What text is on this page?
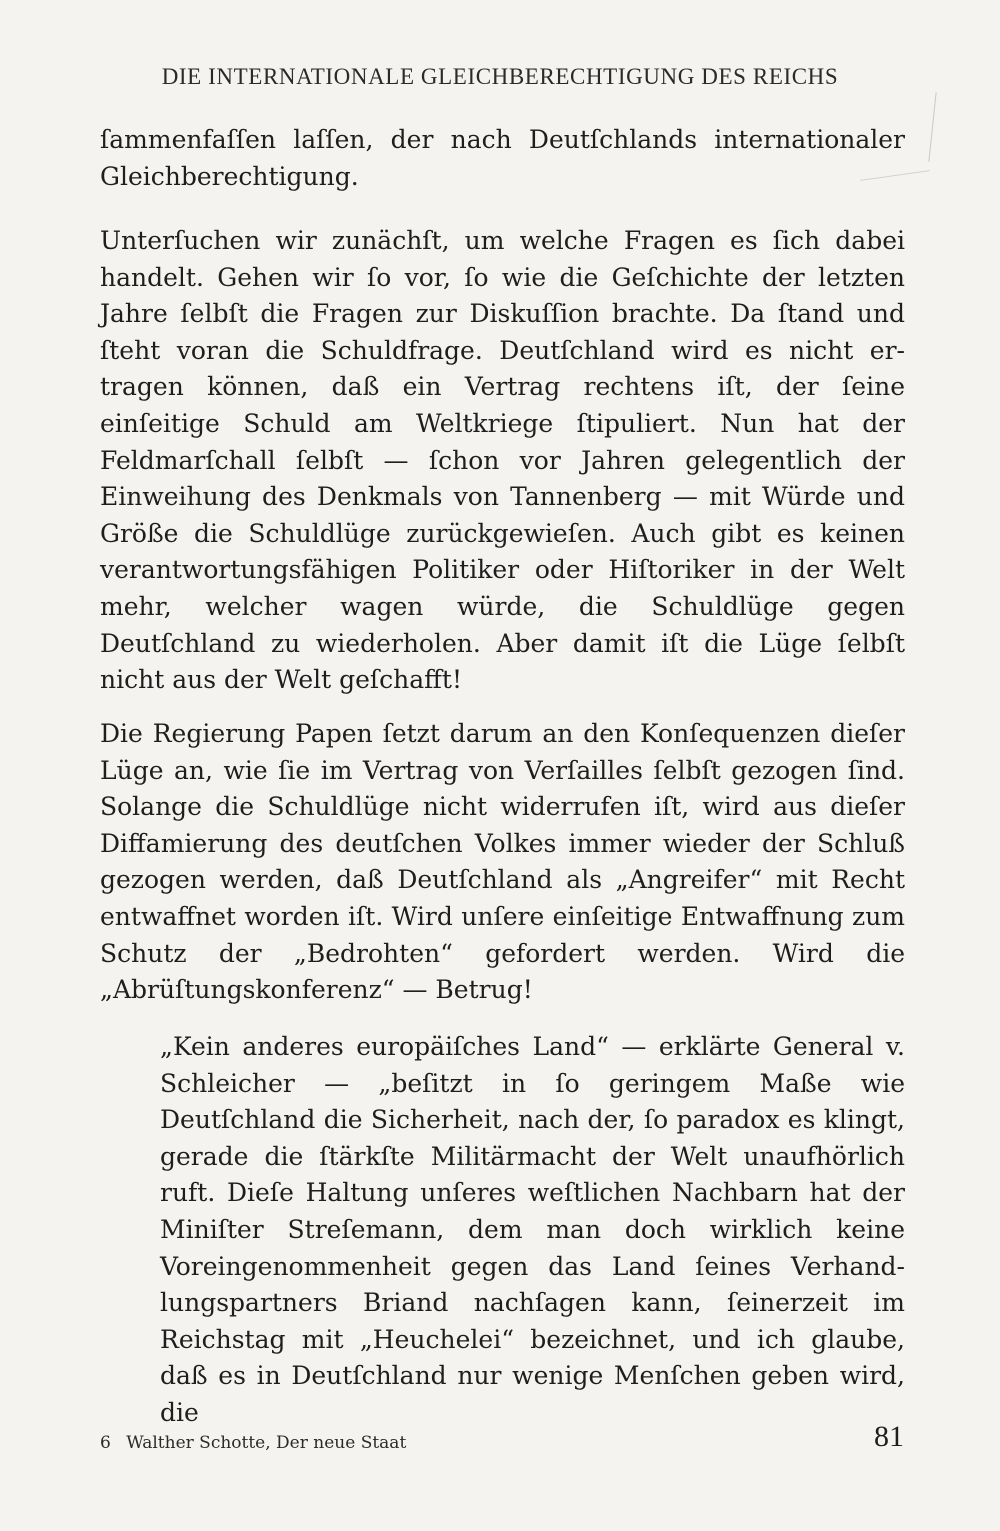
DIE INTERNATIONALE GLEICHBERECHTIGUNG DES REICHS

ſammenfaſſen laſſen, der nach Deutſchlands internationaler Gleichberechtigung.

Unterſuchen wir zunächſt, um welche Fragen es ſich dabei handelt. Gehen wir ſo vor, ſo wie die Geſchichte der letzten Jahre ſelbſt die Fragen zur Diskuſſion brachte. Da ſtand und ſteht voran die Schuldfrage. Deutſchland wird es nicht ertragen können, daß ein Vertrag rechtens iſt, der ſeine einſeitige Schuld am Weltkriege ſtipuliert. Nun hat der Feldmarſchall ſelbſt — ſchon vor Jahren gelegentlich der Einweihung des Denkmals von Tannenberg — mit Würde und Größe die Schuldlüge zurückgewieſen. Auch gibt es keinen verantwortungsfähigen Politiker oder Hiſtoriker in der Welt mehr, welcher wagen würde, die Schuldlüge gegen Deutſchland zu wiederholen. Aber damit iſt die Lüge ſelbſt nicht aus der Welt geſchafft!

Die Regierung Papen ſetzt darum an den Konſequenzen dieſer Lüge an, wie ſie im Vertrag von Verſailles ſelbſt gezogen ſind. Solange die Schuldlüge nicht widerrufen iſt, wird aus dieſer Diffamierung des deutſchen Volkes immer wieder der Schluß gezogen werden, daß Deutſchland als „Angreifer“ mit Recht entwaffnet worden iſt. Wird unſere einſeitige Entwaffnung zum Schutz der „Bedrohten“ gefordert werden. Wird die „Abrüſtungskonferenz“ — Betrug!

„Kein anderes europäiſches Land“ — erklärte General v. Schleicher — „beſitzt in ſo geringem Maße wie Deutſchland die Sicherheit, nach der, ſo paradox es klingt, gerade die ſtärkſte Militärmacht der Welt unaufhörlich ruft. Dieſe Haltung unſeres weſtlichen Nachbarn hat der Miniſter Streſemann, dem man doch wirklich keine Voreingenommenheit gegen das Land ſeines Verhandlungspartners Briand nachſagen kann, ſeinerzeit im Reichstag mit „Heuchelei“ bezeichnet, und ich glaube, daß es in Deutſchland nur wenige Menſchen geben wird, die

6 Walther Schotte, Der neue Staat	81
